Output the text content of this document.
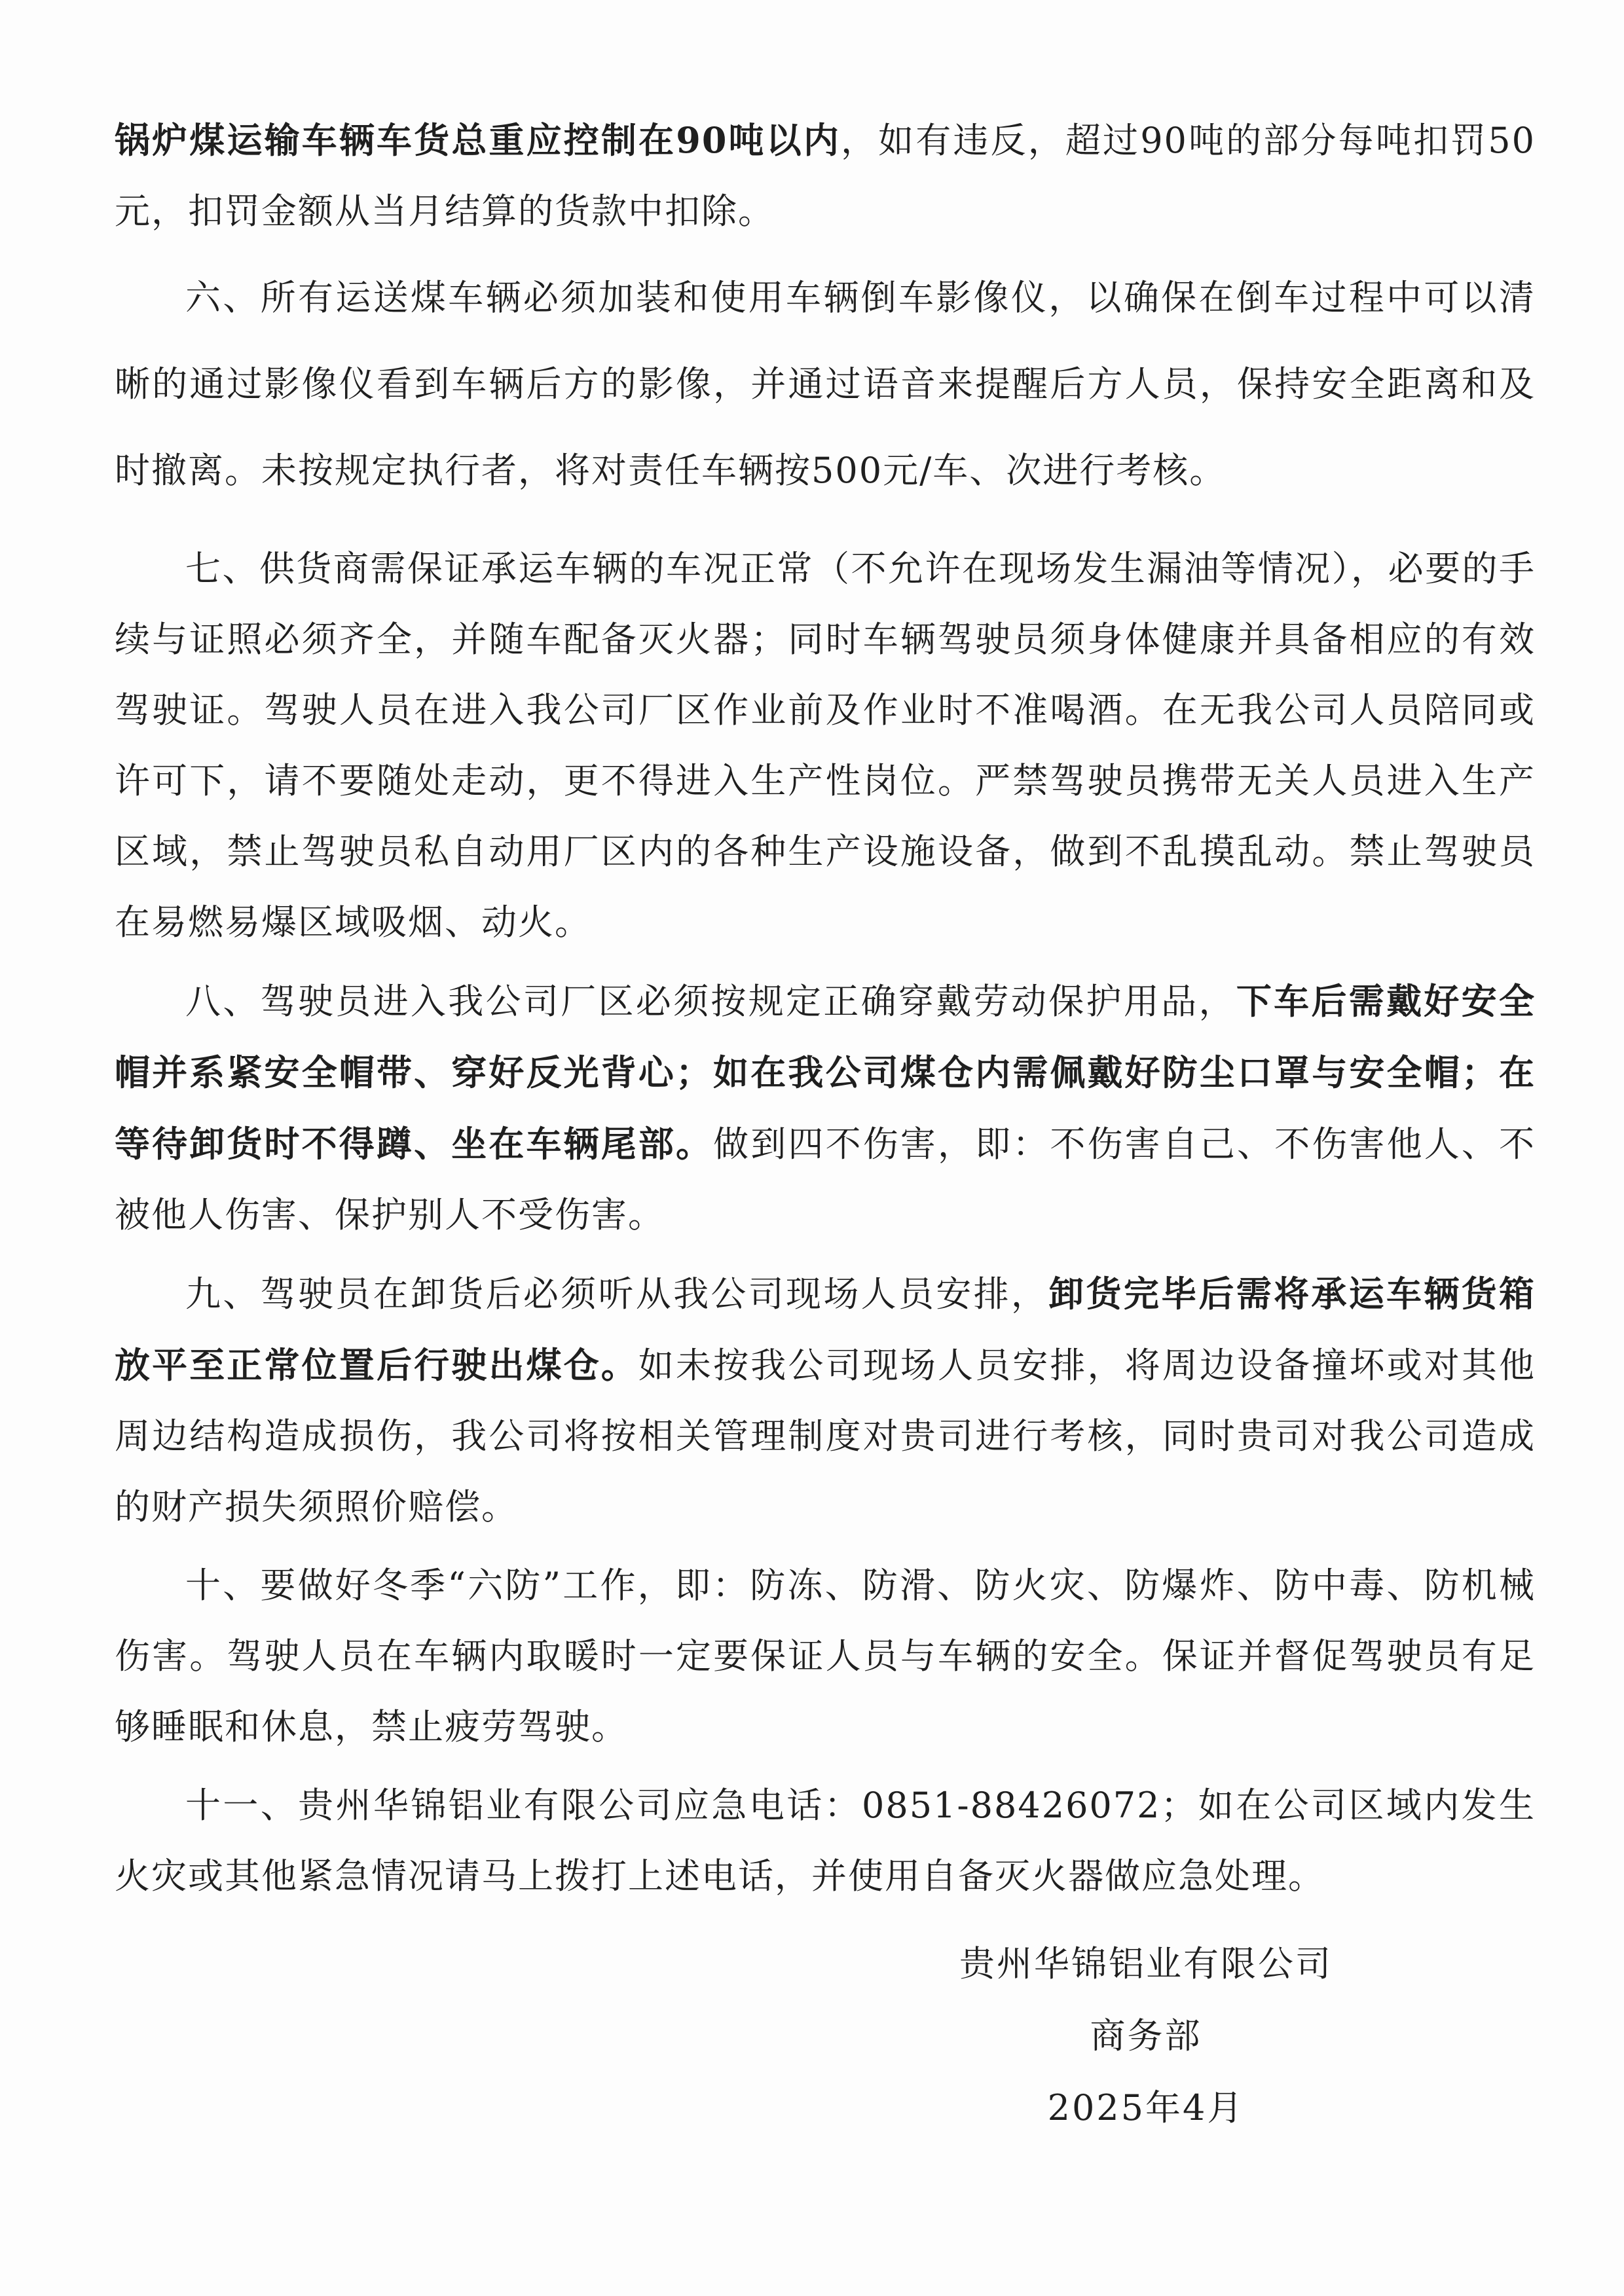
锅炉煤运输车辆车货总重应控制在90吨以内，如有违反，超过90吨的部分每吨扣罚50元，扣罚金额从当月结算的货款中扣除。

六、所有运送煤车辆必须加装和使用车辆倒车影像仪，以确保在倒车过程中可以清晰的通过影像仪看到车辆后方的影像，并通过语音来提醒后方人员，保持安全距离和及时撤离。未按规定执行者，将对责任车辆按500元/车、次进行考核。

七、供货商需保证承运车辆的车况正常（不允许在现场发生漏油等情况），必要的手续与证照必须齐全，并随车配备灭火器；同时车辆驾驶员须身体健康并具备相应的有效驾驶证。驾驶人员在进入我公司厂区作业前及作业时不准喝酒。在无我公司人员陪同或许可下，请不要随处走动，更不得进入生产性岗位。严禁驾驶员携带无关人员进入生产区域，禁止驾驶员私自动用厂区内的各种生产设施设备，做到不乱摸乱动。禁止驾驶员在易燃易爆区域吸烟、动火。

八、驾驶员进入我公司厂区必须按规定正确穿戴劳动保护用品，下车后需戴好安全帽并系紧安全帽带、穿好反光背心；如在我公司煤仓内需佩戴好防尘口罩与安全帽；在等待卸货时不得蹲、坐在车辆尾部。做到四不伤害，即：不伤害自己、不伤害他人、不被他人伤害、保护别人不受伤害。

九、驾驶员在卸货后必须听从我公司现场人员安排，卸货完毕后需将承运车辆货箱放平至正常位置后行驶出煤仓。如未按我公司现场人员安排，将周边设备撞坏或对其他周边结构造成损伤，我公司将按相关管理制度对贵司进行考核，同时贵司对我公司造成的财产损失须照价赔偿。

十、要做好冬季“六防”工作，即：防冻、防滑、防火灾、防爆炸、防中毒、防机械伤害。驾驶人员在车辆内取暖时一定要保证人员与车辆的安全。保证并督促驾驶员有足够睡眠和休息，禁止疲劳驾驶。

十一、贵州华锦铝业有限公司应急电话：0851-88426072；如在公司区域内发生火灾或其他紧急情况请马上拨打上述电话，并使用自备灭火器做应急处理。

贵州华锦铝业有限公司
商务部
2025年4月
